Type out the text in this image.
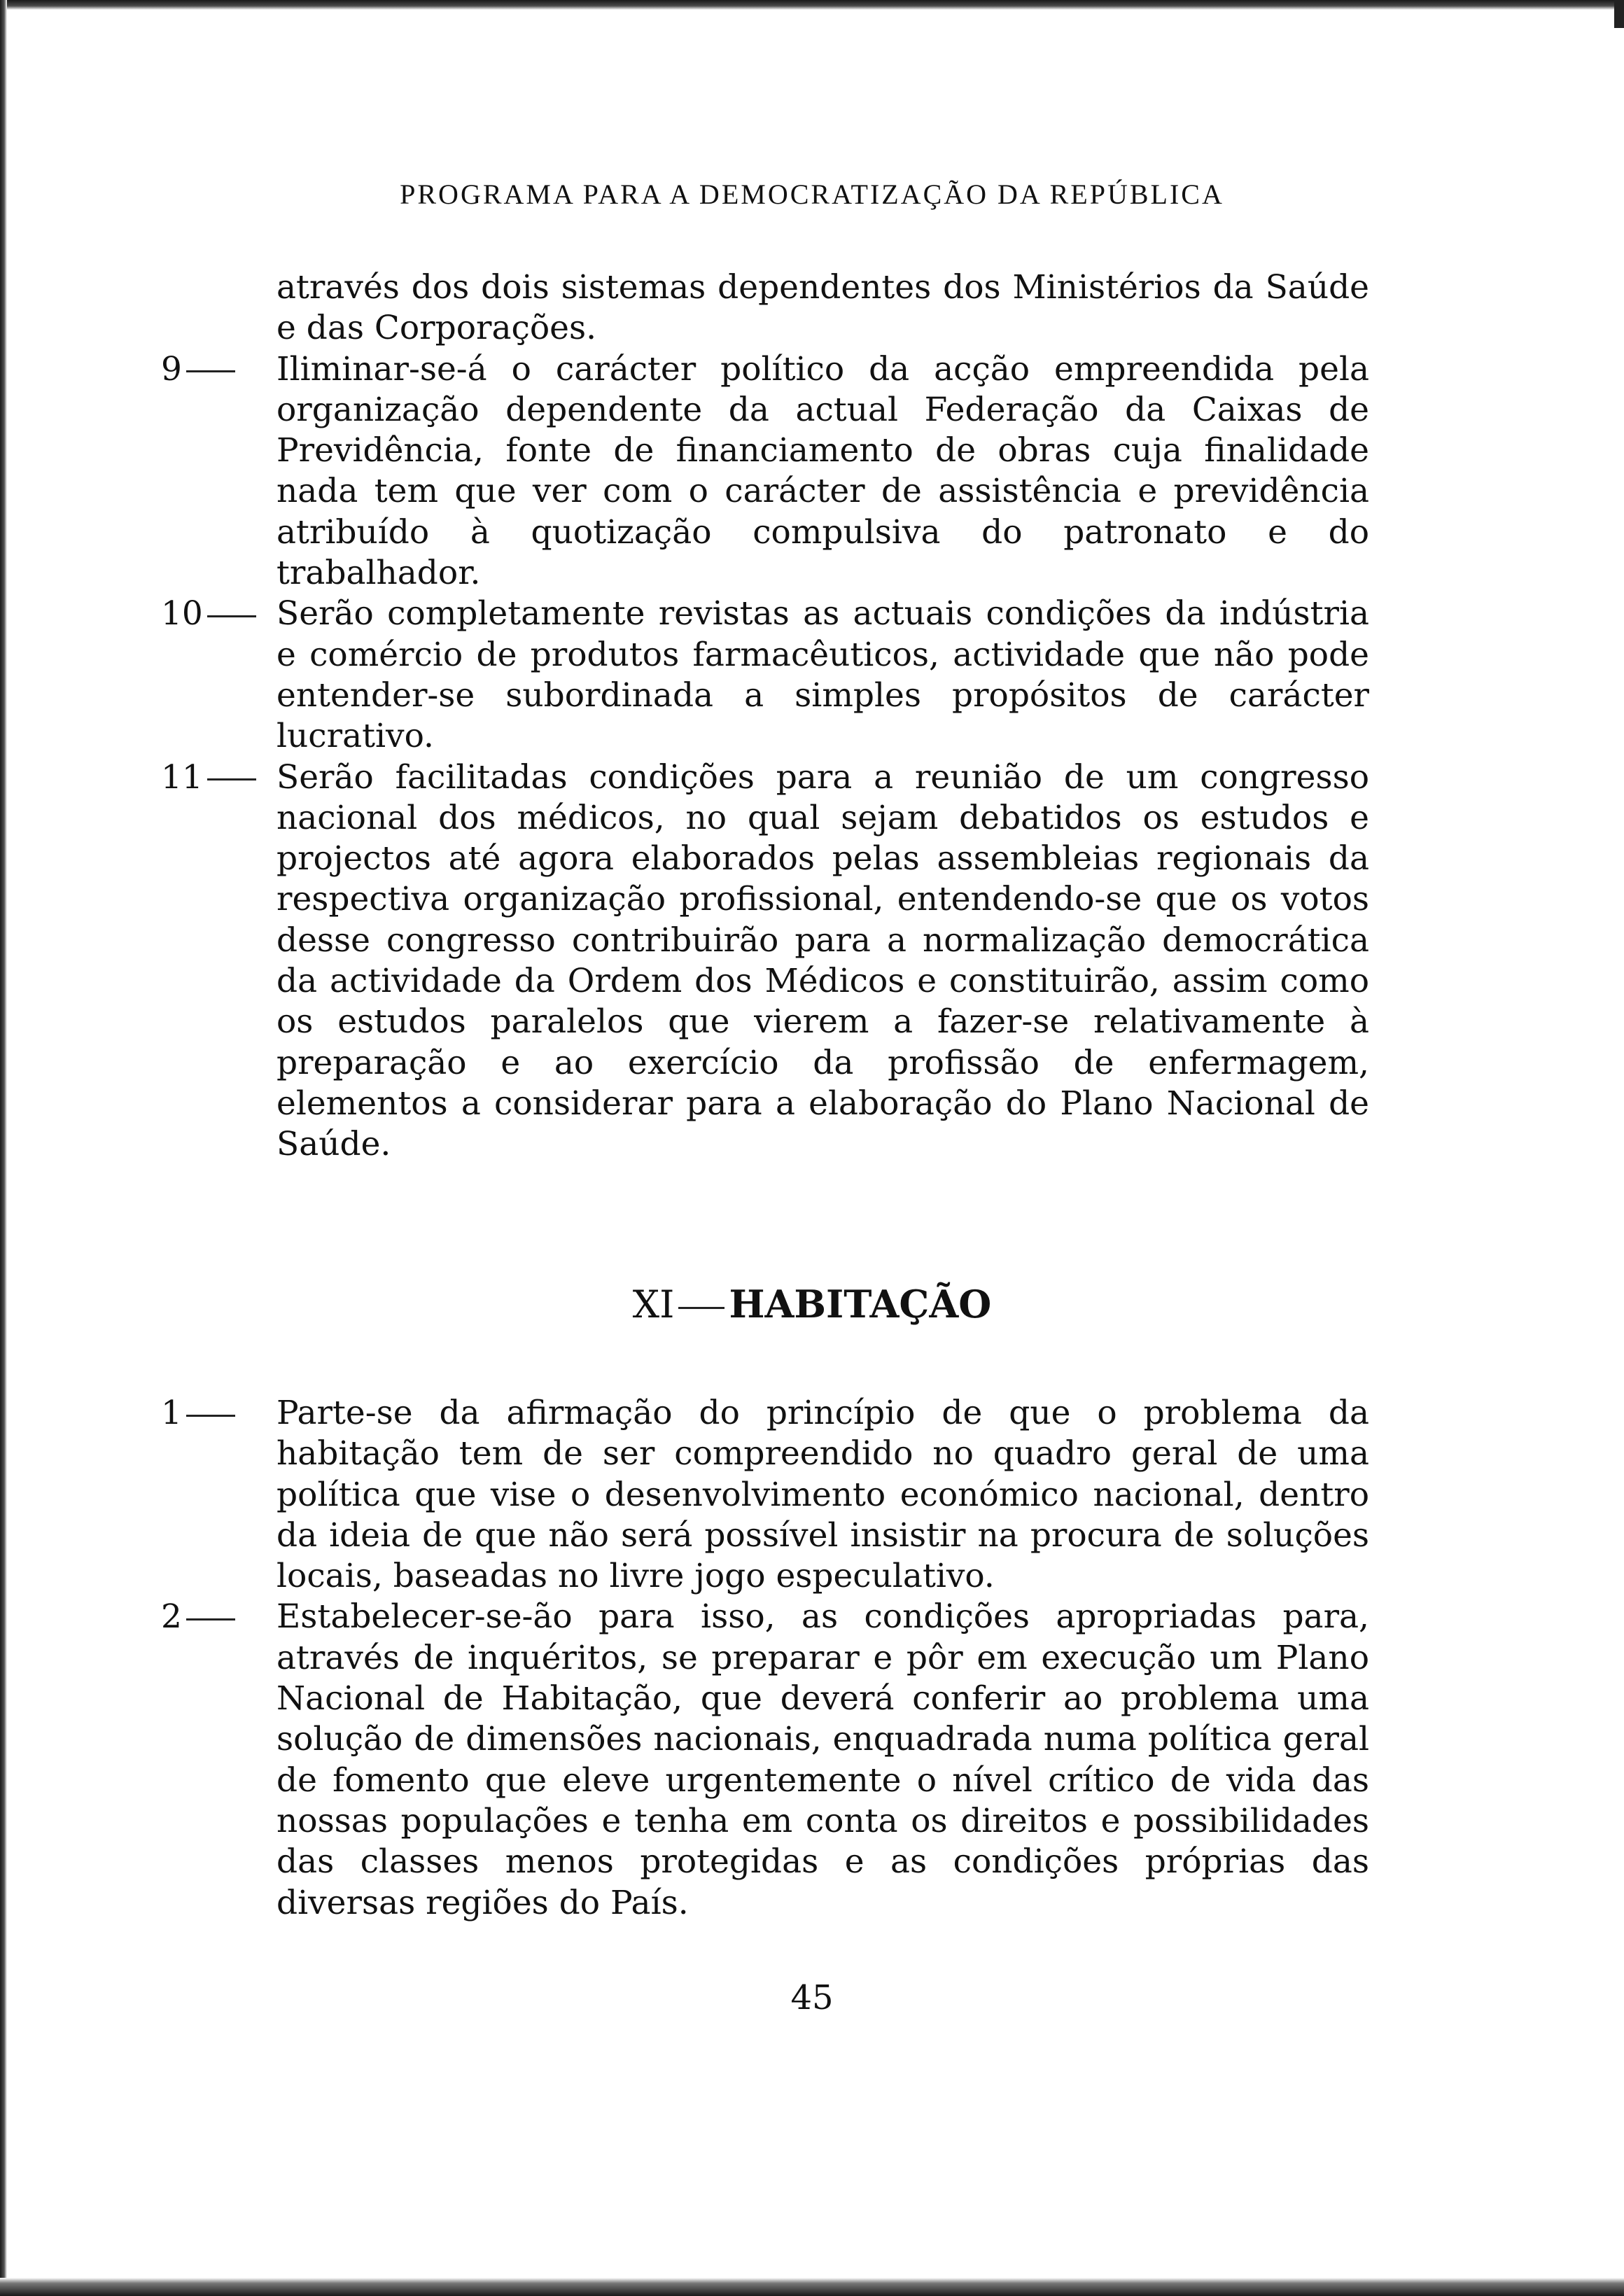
PROGRAMA PARA A DEMOCRATIZAÇÃO DA REPÚBLICA
através dos dois sistemas dependentes dos Ministérios da Saúde e das Corporações.
9	Iliminar-se-á o carácter político da acção empreendida pela organização dependente da actual Federação da Caixas de Previdência, fonte de financiamento de obras cuja finalidade nada tem que ver com o carácter de assistência e previdência atribuído à quotização compulsiva do patronato e do trabalhador.
10	Serão completamente revistas as actuais condições da indústria e comércio de produtos farmacêuticos, actividade que não pode entender-se subordinada a simples propósitos de carácter lucrativo.
11	Serão facilitadas condições para a reunião de um congresso nacional dos médicos, no qual sejam debatidos os estudos e projectos até agora elaborados pelas assembleias regionais da respectiva organização profissional, entendendo-se que os votos desse congresso contribuirão para a normalização democrática da actividade da Ordem dos Médicos e constituirão, assim como os estudos paralelos que vierem a fazer-se relativamente à preparação e ao exercício da profissão de enfermagem, elementos a considerar para a elaboração do Plano Nacional de Saúde.
XI HABITAÇÃO
1	Parte-se da afirmação do princípio de que o problema da habitação tem de ser compreendido no quadro geral de uma política que vise o desenvolvimento económico nacional, dentro da ideia de que não será possível insistir na procura de soluções locais, baseadas no livre jogo especulativo.
2	Estabelecer-se-ão para isso, as condições apropriadas para, através de inquéritos, se preparar e pôr em execução um Plano Nacional de Habitação, que deverá conferir ao problema uma solução de dimensões nacionais, enquadrada numa política geral de fomento que eleve urgentemente o nível crítico de vida das nossas populações e tenha em conta os direitos e possibilidades das classes menos protegidas e as condições próprias das diversas regiões do País.
45
